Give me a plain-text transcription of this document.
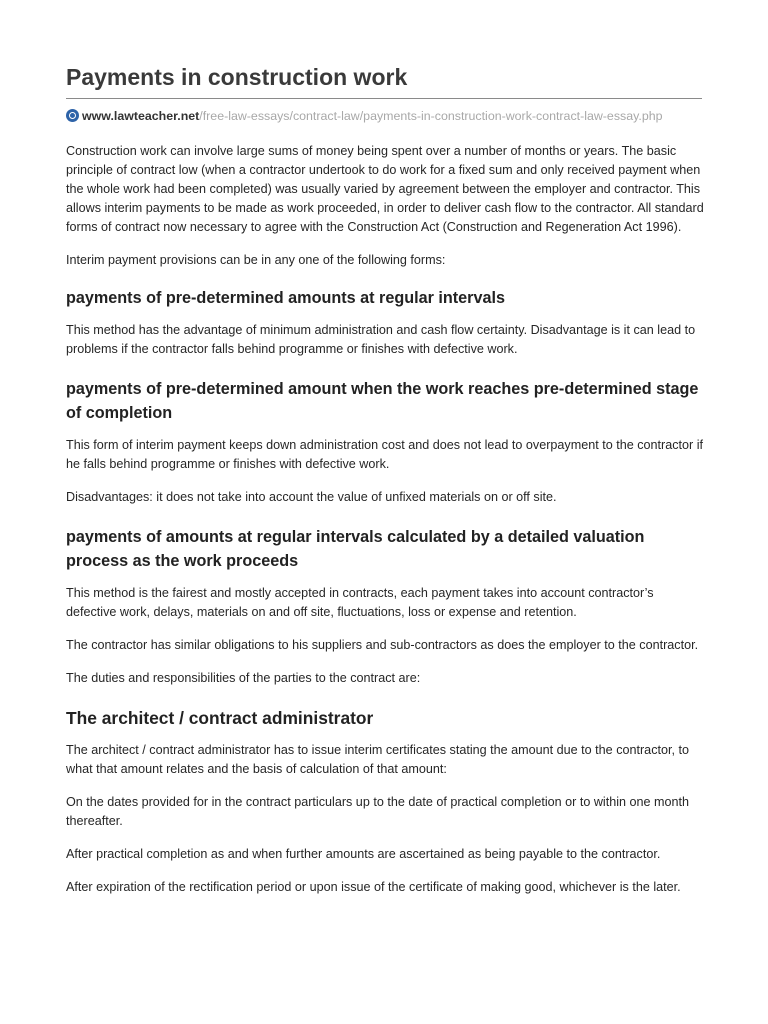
Payments in construction work
www.lawteacher.net/free-law-essays/contract-law/payments-in-construction-work-contract-law-essay.php

Construction work can involve large sums of money being spent over a number of months or years. The basic principle of contract low (when a contractor undertook to do work for a fixed sum and only received payment when the whole work had been completed) was usually varied by agreement between the employer and contractor. This allows interim payments to be made as work proceeded, in order to deliver cash flow to the contractor. All standard forms of contract now necessary to agree with the Construction Act (Construction and Regeneration Act 1996).

Interim payment provisions can be in any one of the following forms:

payments of pre-determined amounts at regular intervals

This method has the advantage of minimum administration and cash flow certainty. Disadvantage is it can lead to problems if the contractor falls behind programme or finishes with defective work.

payments of pre-determined amount when the work reaches pre-determined stage of completion

This form of interim payment keeps down administration cost and does not lead to overpayment to the contractor if he falls behind programme or finishes with defective work.

Disadvantages: it does not take into account the value of unfixed materials on or off site.

payments of amounts at regular intervals calculated by a detailed valuation process as the work proceeds

This method is the fairest and mostly accepted in contracts, each payment takes into account contractor’s defective work, delays, materials on and off site, fluctuations, loss or expense and retention.

The contractor has similar obligations to his suppliers and sub-contractors as does the employer to the contractor.

The duties and responsibilities of the parties to the contract are:

The architect / contract administrator

The architect / contract administrator has to issue interim certificates stating the amount due to the contractor, to what that amount relates and the basis of calculation of that amount:

On the dates provided for in the contract particulars up to the date of practical completion or to within one month thereafter.

After practical completion as and when further amounts are ascertained as being payable to the contractor.

After expiration of the rectification period or upon issue of the certificate of making good, whichever is the later.
